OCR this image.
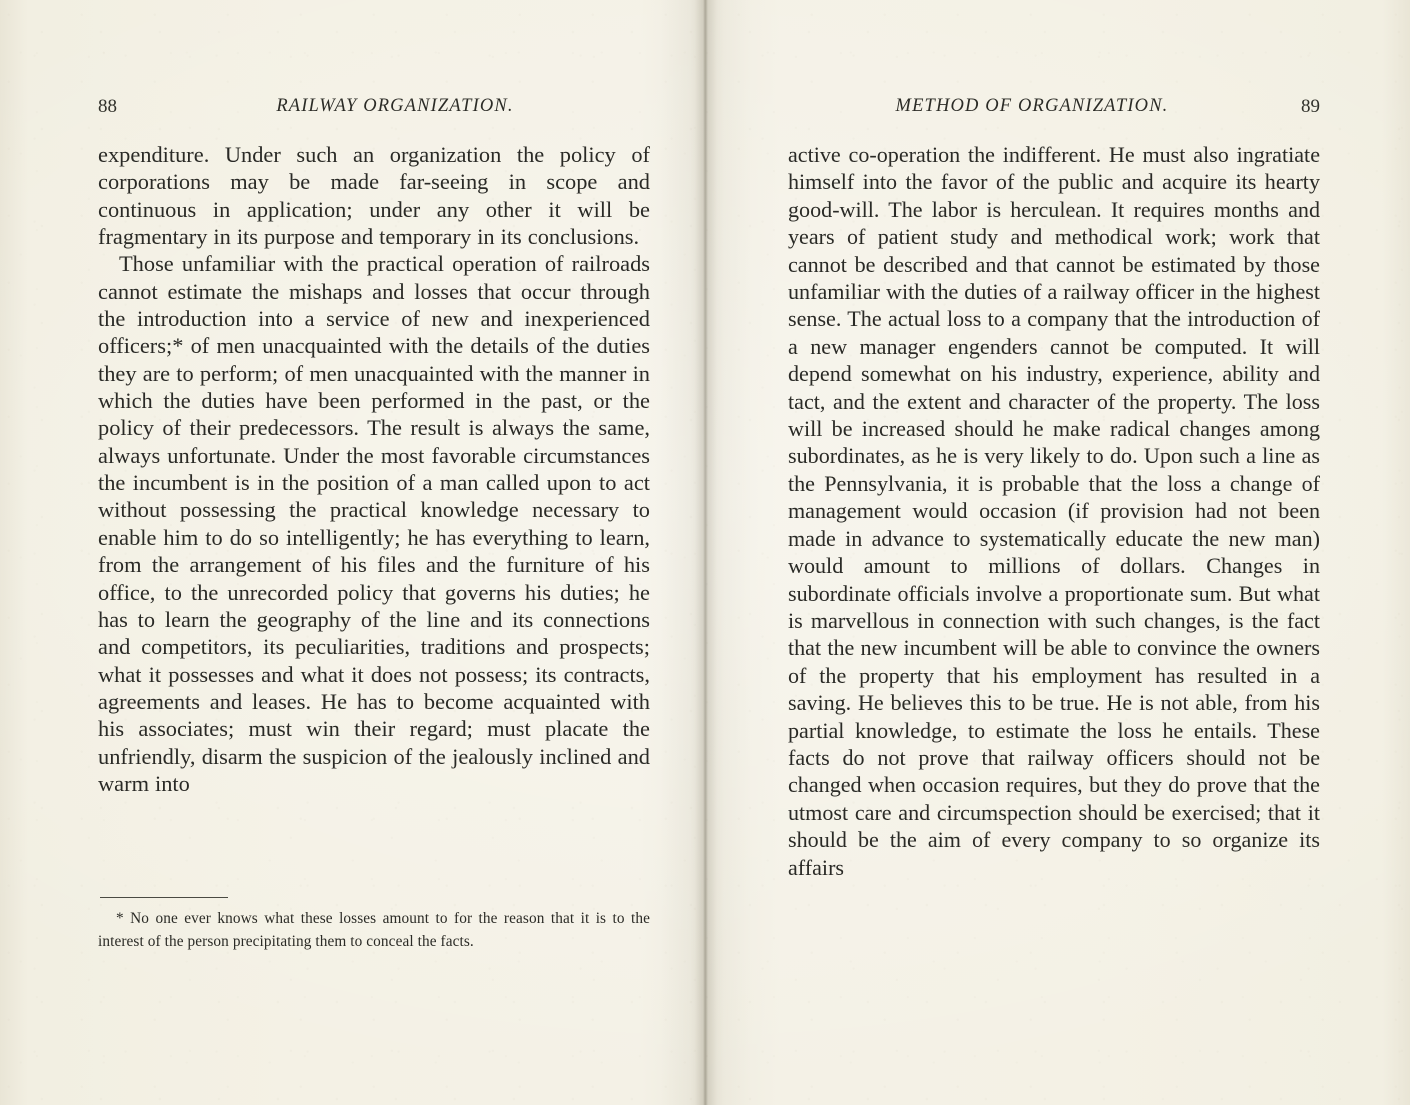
88	RAILWAY ORGANIZATION.

expenditure. Under such an organization the policy of corporations may be made far-seeing in scope and continuous in application; under any other it will be fragmentary in its purpose and temporary in its conclusions.

Those unfamiliar with the practical operation of railroads cannot estimate the mishaps and losses that occur through the introduction into a service of new and inexperienced officers;* of men unacquainted with the details of the duties they are to perform; of men unacquainted with the manner in which the duties have been performed in the past, or the policy of their predecessors. The result is always the same, always unfortunate. Under the most favorable circumstances the incumbent is in the position of a man called upon to act without possessing the practical knowledge necessary to enable him to do so intelligently; he has everything to learn, from the arrangement of his files and the furniture of his office, to the unrecorded policy that governs his duties; he has to learn the geography of the line and its connections and competitors, its peculiarities, traditions and prospects; what it possesses and what it does not possess; its contracts, agreements and leases. He has to become acquainted with his associates; must win their regard; must placate the unfriendly, disarm the suspicion of the jealously inclined and warm into

* No one ever knows what these losses amount to for the reason that it is to the interest of the person precipitating them to conceal the facts.

METHOD OF ORGANIZATION.	89

active co-operation the indifferent. He must also ingratiate himself into the favor of the public and acquire its hearty good-will. The labor is herculean. It requires months and years of patient study and methodical work; work that cannot be described and that cannot be estimated by those unfamiliar with the duties of a railway officer in the highest sense. The actual loss to a company that the introduction of a new manager engenders cannot be computed. It will depend somewhat on his industry, experience, ability and tact, and the extent and character of the property. The loss will be increased should he make radical changes among subordinates, as he is very likely to do. Upon such a line as the Pennsylvania, it is probable that the loss a change of management would occasion (if provision had not been made in advance to systematically educate the new man) would amount to millions of dollars. Changes in subordinate officials involve a proportionate sum. But what is marvellous in connection with such changes, is the fact that the new incumbent will be able to convince the owners of the property that his employment has resulted in a saving. He believes this to be true. He is not able, from his partial knowledge, to estimate the loss he entails. These facts do not prove that railway officers should not be changed when occasion requires, but they do prove that the utmost care and circumspection should be exercised; that it should be the aim of every company to so organize its affairs
